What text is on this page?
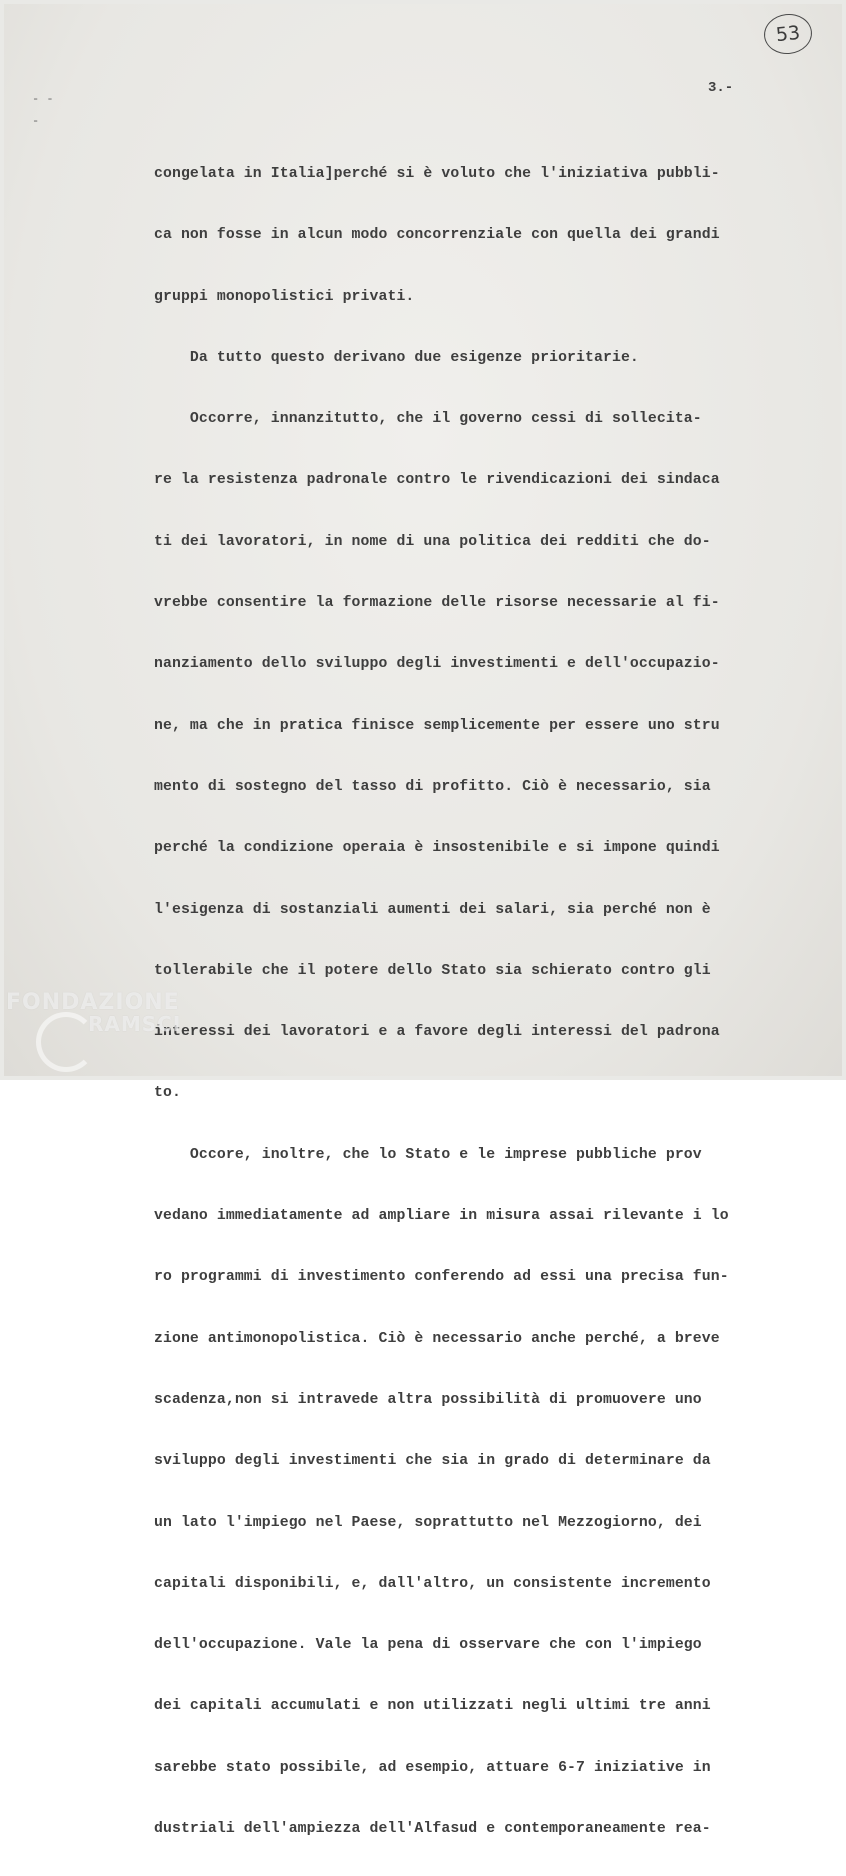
53
3.-
- -
-

congelata in Italia]perché si è voluto che l'iniziativa pubbli-

ca non fosse in alcun modo concorrenziale con quella dei grandi

gruppi monopolistici privati.

Da tutto questo derivano due esigenze prioritarie.

Occorre, innanzitutto, che il governo cessi di sollecita-

re la resistenza padronale contro le rivendicazioni dei sindaca

ti dei lavoratori, in nome di una politica dei redditi che do-

vrebbe consentire la formazione delle risorse necessarie al fi-

nanziamento dello sviluppo degli investimenti e dell'occupazio-

ne, ma che in pratica finisce semplicemente per essere uno stru

mento di sostegno del tasso di profitto. Ciò è necessario, sia

perché la condizione operaia è insostenibile e si impone quindi

l'esigenza di sostanziali aumenti dei salari, sia perché non è

tollerabile che il potere dello Stato sia schierato contro gli

interessi dei lavoratori e a favore degli interessi del padrona

to.

Occore, inoltre, che lo Stato e le imprese pubbliche prov

vedano immediatamente ad ampliare in misura assai rilevante i lo

ro programmi di investimento conferendo ad essi una precisa fun-

zione antimonopolistica. Ciò è necessario anche perché, a breve

scadenza,non si intravede altra possibilità di promuovere uno

sviluppo degli investimenti che sia in grado di determinare da

un lato l'impiego nel Paese, soprattutto nel Mezzogiorno, dei

capitali disponibili, e, dall'altro, un consistente incremento

dell'occupazione. Vale la pena di osservare che con l'impiego

dei capitali accumulati e non utilizzati negli ultimi tre anni

sarebbe stato possibile, ad esempio, attuare 6-7 iniziative in

dustriali dell'ampiezza dell'Alfasud e contemporaneamente rea-

FONDAZIONE
RAMSCI
